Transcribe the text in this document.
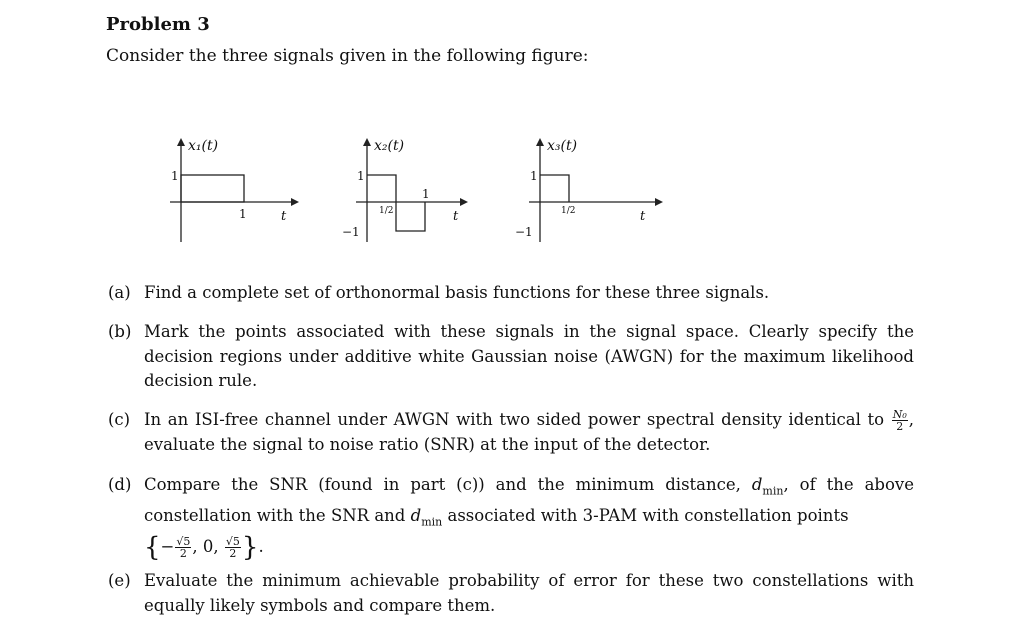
Problem 3
Consider the three signals given in the following figure:
x₁(t)
1
1	t
x₂(t)
1
−1
1/2
1
t
x₃(t)
1
−1
1/2	t
(a) Find a complete set of orthonormal basis functions for these three signals.
(b) Mark the points associated with these signals in the signal space. Clearly specify the decision regions under additive white Gaussian noise (AWGN) for the maximum likelihood decision rule.
(c) In an ISI-free channel under AWGN with two sided power spectral density identical to $\frac{\text{N₀}}{2}$ , evaluate the signal to noise ratio (SNR) at the input of the detector.
(d) Compare the SNR (found in part (c)) and the minimum distance, $d_{min}$, of the above constellation with the SNR and $d_{min}$ associated with 3-PAM with constellation points
{− $\frac{√5}{2}$ , 0, $\frac{√5}{2}$ }.
(e) Evaluate the minimum achievable probability of error for these two constellations with equally likely symbols and compare them.
